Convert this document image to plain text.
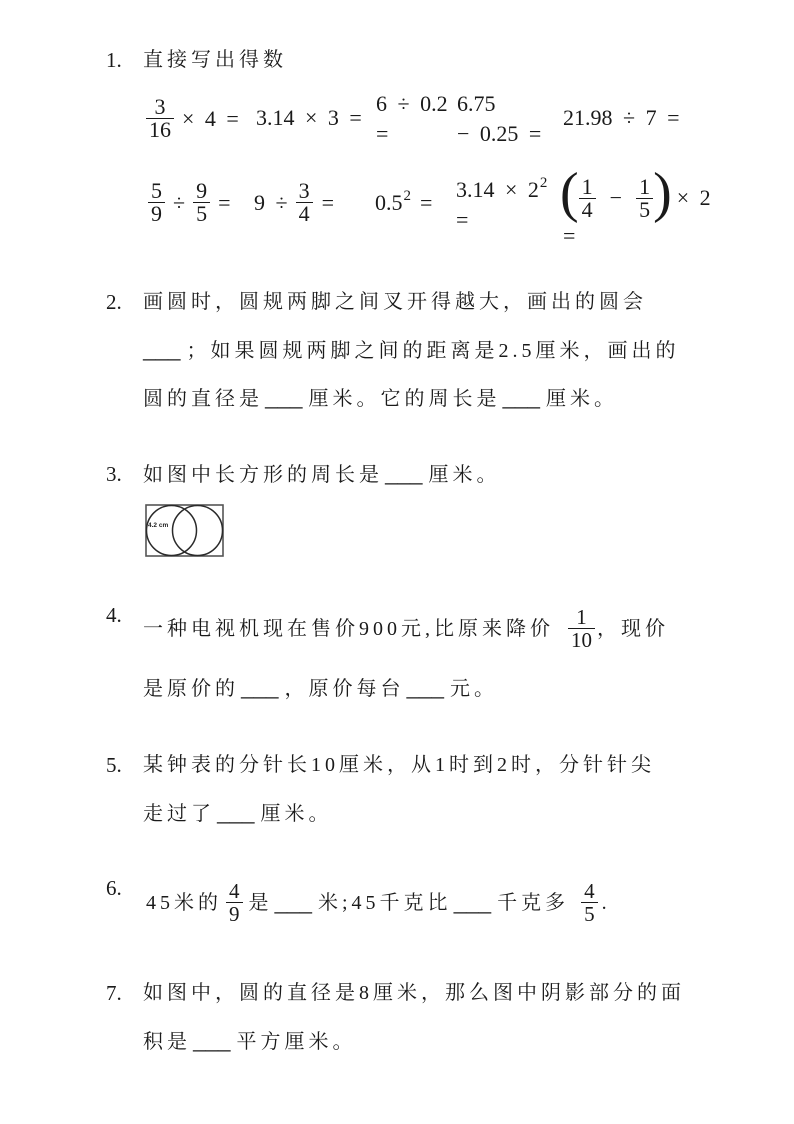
1. 直接写出得数
$\frac{3}{16} \times 4 = 3.14 \times 3$ =
6 ÷ 0.2
=
6.75
− 0.25 =
21.98 ÷ 7 =
$\frac{5}{9} \div \frac{9}{5} = 9 \div \frac{3}{4} = 0.5$ 2 =
3.14 × 2 2
= ( $\frac{1}{4} - \frac{1}{5}$ ) × 2
=
2. 画圆时，圆规两脚之间叉开得越大，画出的圆会
___ ；如果圆规两脚之间的距离是2.5厘米，画出的
圆的直径是 ___ 厘米。它的周长是 ___ 厘米。
3. 如图中长方形的周长是 ___ 厘米。
4.2 cm
4.
一种电视机现在售价900元,比原来降价 $\frac{1}{10}$ ，现价
是原价的 ___ ，原价每台 ___ 元。
5. 某钟表的分针长10厘米，从1时到2时，分针针尖
走过了 ___ 厘米。
6.
45米的 $\frac{4}{9}$ 是 ___ 米;45千克比 ___ 千克多 $\frac{4}{5}$ .
7. 如图中，圆的直径是8厘米，那么图中阴影部分的面
积是 ___ 平方厘米。
